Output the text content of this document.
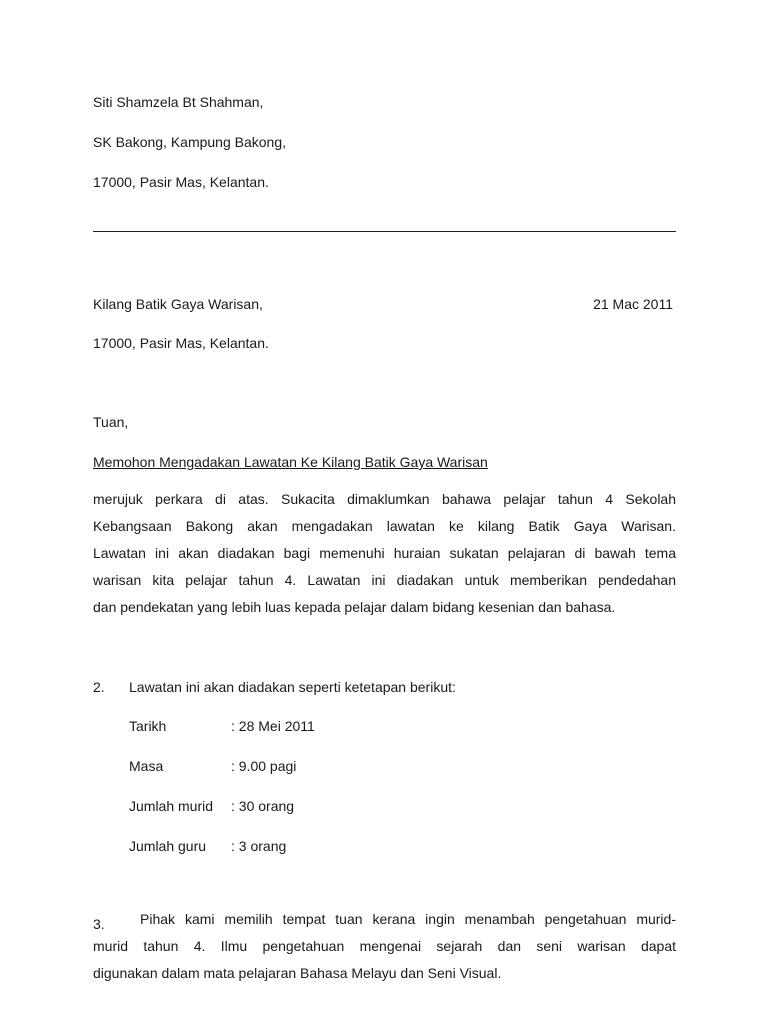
Siti Shamzela Bt Shahman,
SK Bakong, Kampung Bakong,
17000, Pasir Mas, Kelantan.
Kilang Batik Gaya Warisan,	21 Mac 2011
17000, Pasir Mas, Kelantan.
Tuan,
Memohon Mengadakan Lawatan Ke Kilang Batik Gaya Warisan
merujuk perkara di atas. Sukacita dimaklumkan bahawa pelajar tahun 4 Sekolah
Kebangsaan Bakong akan mengadakan lawatan ke kilang Batik Gaya Warisan.
Lawatan ini akan diadakan bagi memenuhi huraian sukatan pelajaran di bawah tema
warisan kita pelajar tahun 4. Lawatan ini diadakan untuk memberikan pendedahan
dan pendekatan yang lebih luas kepada pelajar dalam bidang kesenian dan bahasa.
2. Lawatan ini akan diadakan seperti ketetapan berikut:
Tarikh	: 28 Mei 2011
Masa	: 9.00 pagi
Jumlah murid : 30 orang
Jumlah guru : 3 orang
3.	Pihak kami memilih tempat tuan kerana ingin menambah pengetahuan murid-
murid tahun 4. Ilmu pengetahuan mengenai sejarah dan seni warisan dapat
digunakan dalam mata pelajaran Bahasa Melayu dan Seni Visual.
